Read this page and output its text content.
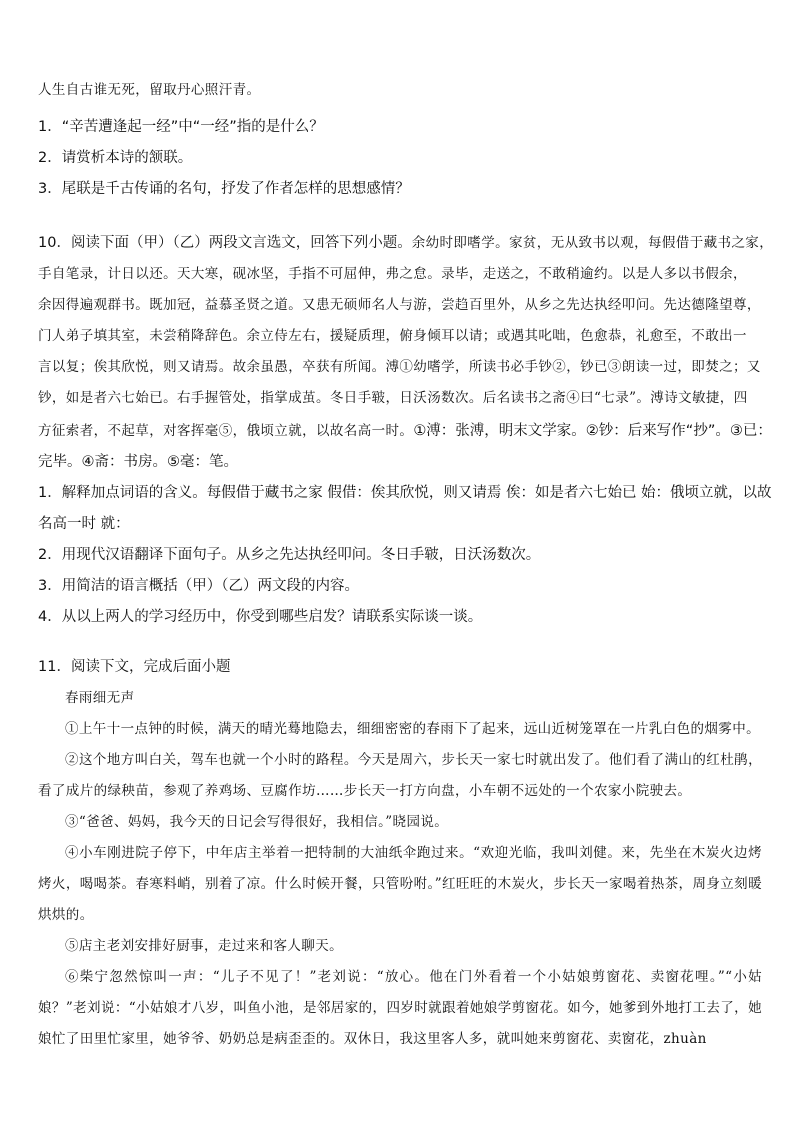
人生自古谁无死，留取丹心照汗青。
1．“辛苦遭逢起一经”中“一经”指的是什么？
2．请赏析本诗的颔联。
3．尾联是千古传诵的名句，抒发了作者怎样的思想感情？
10．阅读下面（甲）（乙）两段文言选文，回答下列小题。余幼时即嗜学。家贫，无从致书以观，每假借于藏书之家，
手自笔录，计日以还。天大寒，砚冰坚，手指不可屈伸，弗之怠。录毕，走送之，不敢稍逾约。以是人多以书假余，
余因得遍观群书。既加冠，益慕圣贤之道。又患无硕师名人与游，尝趋百里外，从乡之先达执经叩问。先达德隆望尊，
门人弟子填其室，未尝稍降辞色。余立侍左右，援疑质理，俯身倾耳以请；或遇其叱咄，色愈恭，礼愈至，不敢出一
言以复；俟其欣悦，则又请焉。故余虽愚，卒获有所闻。溥①幼嗜学，所读书必手钞②，钞已③朗读一过，即焚之；又
钞，如是者六七始已。右手握管处，指掌成茧。冬日手皲，日沃汤数次。后名读书之斋④曰“七录”。溥诗文敏捷，四
方征索者，不起草，对客挥毫⑤，俄顷立就，以故名高一时。①溥：张溥，明末文学家。②钞：后来写作“抄”。③已：
完毕。④斋：书房。⑤毫：笔。
1．解释加点词语的含义。每假借于藏书之家 假借：俟其欣悦，则又请焉 俟：如是者六七始已 始：俄顷立就，以故
名高一时 就：
2．用现代汉语翻译下面句子。从乡之先达执经叩问。冬日手皲，日沃汤数次。
3．用简洁的语言概括（甲）（乙）两文段的内容。
4．从以上两人的学习经历中，你受到哪些启发？请联系实际谈一谈。
11．阅读下文，完成后面小题
春雨细无声
①上午十一点钟的时候，满天的晴光蓦地隐去，细细密密的春雨下了起来，远山近树笼罩在一片乳白色的烟雾中。
②这个地方叫白关，驾车也就一个小时的路程。今天是周六，步长天一家七时就出发了。他们看了满山的红杜鹃，看了成片的绿秧苗，参观了养鸡场、豆腐作坊……步长天一打方向盘，小车朝不远处的一个农家小院驶去。
③“爸爸、妈妈，我今天的日记会写得很好，我相信。”晓园说。
④小车刚进院子停下，中年店主举着一把特制的大油纸伞跑过来。“欢迎光临，我叫刘健。来，先坐在木炭火边烤烤火，喝喝茶。春寒料峭，别着了凉。什么时候开餐，只管吩咐。”红旺旺的木炭火，步长天一家喝着热茶，周身立刻暖烘烘的。
⑤店主老刘安排好厨事，走过来和客人聊天。
⑥柴宁忽然惊叫一声：“儿子不见了！”老刘说：“放心。他在门外看着一个小姑娘剪窗花、卖窗花哩。”“小姑娘？”老刘说：“小姑娘才八岁，叫鱼小池，是邻居家的，四岁时就跟着她娘学剪窗花。如今，她爹到外地打工去了，她娘忙了田里忙家里，她爷爷、奶奶总是病歪歪的。双休日，我这里客人多，就叫她来剪窗花、卖窗花，zhuàn
